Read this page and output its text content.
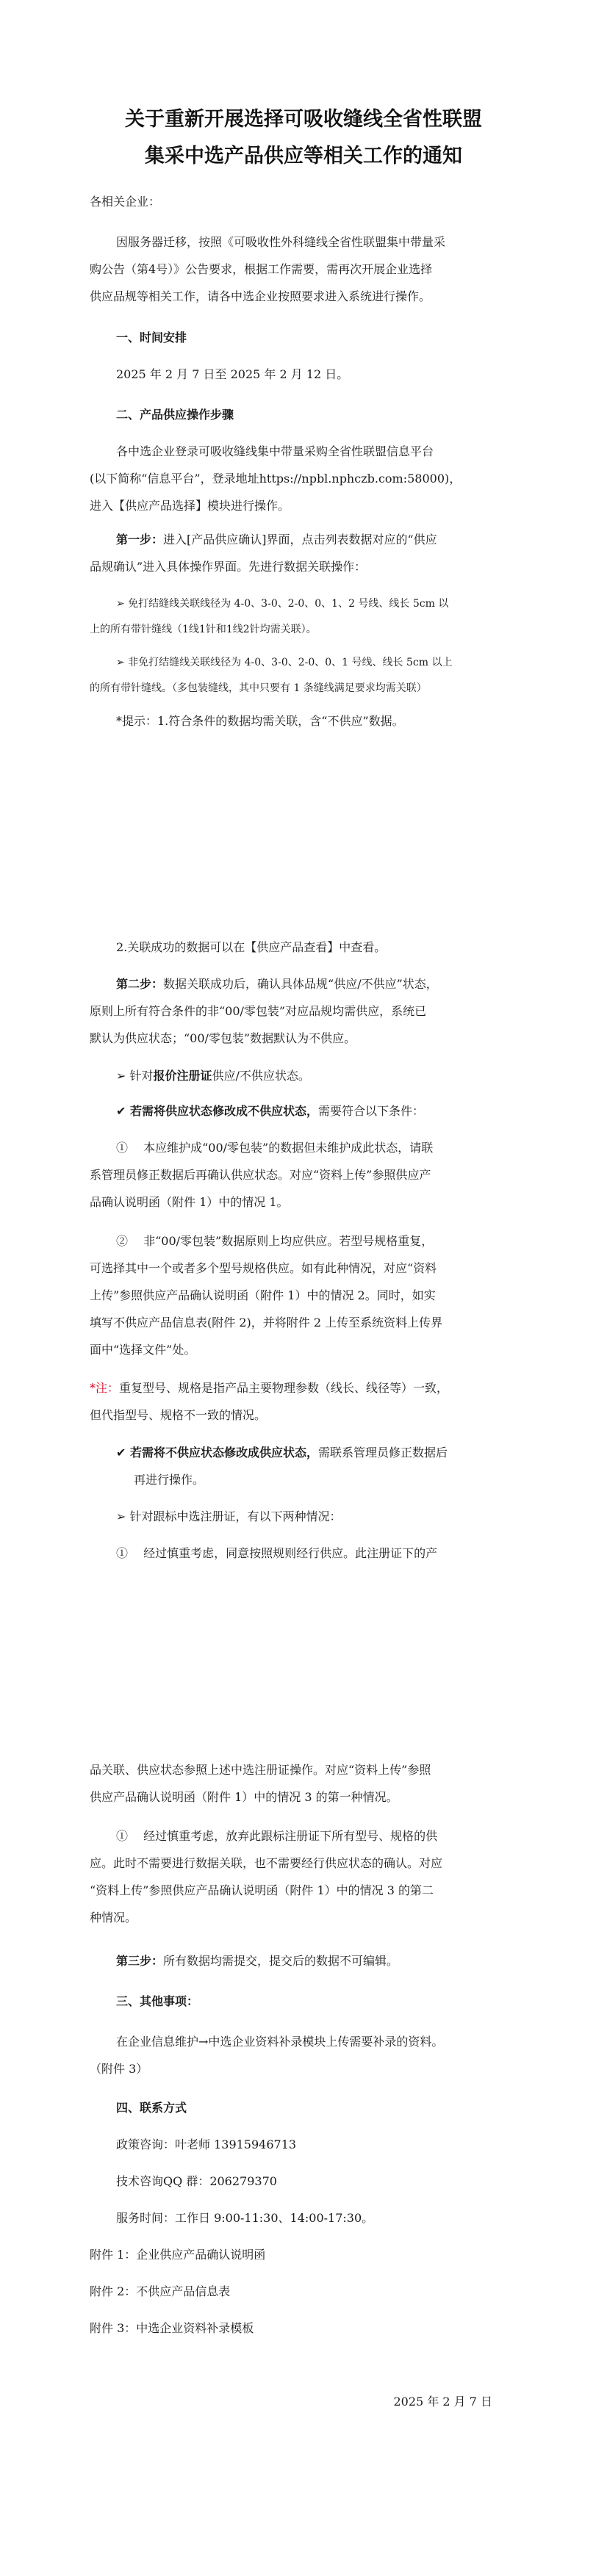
关于重新开展选择可吸收缝线全省性联盟
集采中选产品供应等相关工作的通知
各相关企业：
因服务器迁移，按照《可吸收性外科缝线全省性联盟集中带量采
购公告（第4号）》公告要求，根据工作需要，需再次开展企业选择
供应品规等相关工作，请各中选企业按照要求进入系统进行操作。
一、时间安排
2025 年 2 月 7 日至 2025 年 2 月 12 日。
二、产品供应操作步骤
各中选企业登录可吸收缝线集中带量采购全省性联盟信息平台
(以下简称“信息平台”，登录地址https://npbl.nphczb.com:58000)，
进入【供应产品选择】模块进行操作。
第一步：进入[产品供应确认]界面，点击列表数据对应的“供应
品规确认”进入具体操作界面。先进行数据关联操作：
➢ 免打结缝线关联线径为 4-0、3-0、2-0、0、1、2 号线、线长 5cm 以
上的所有带针缝线（1线1针和1线2针均需关联）。
➢ 非免打结缝线关联线径为 4-0、3-0、2-0、0、1 号线、线长 5cm 以上
的所有带针缝线。（多包装缝线，其中只要有 1 条缝线满足要求均需关联）
*提示：1.符合条件的数据均需关联，含“不供应”数据。
2.关联成功的数据可以在【供应产品查看】中查看。
第二步：数据关联成功后，确认具体品规“供应/不供应”状态，
原则上所有符合条件的非“00/零包装”对应品规均需供应，系统已
默认为供应状态；“00/零包装”数据默认为不供应。
➢ 针对报价注册证供应/不供应状态。
✔ 若需将供应状态修改成不供应状态，需要符合以下条件：
①　 本应维护成“00/零包装”的数据但未维护成此状态，请联
系管理员修正数据后再确认供应状态。对应“资料上传”参照供应产
品确认说明函（附件 1）中的情况 1。
②　 非“00/零包装”数据原则上均应供应。若型号规格重复，
可选择其中一个或者多个型号规格供应。如有此种情况，对应“资料
上传”参照供应产品确认说明函（附件 1）中的情况 2。同时，如实
填写不供应产品信息表(附件 2)，并将附件 2 上传至系统资料上传界
面中“选择文件”处。
*注：重复型号、规格是指产品主要物理参数（线长、线径等）一致，
但代指型号、规格不一致的情况。
✔ 若需将不供应状态修改成供应状态，需联系管理员修正数据后
再进行操作。
➢ 针对跟标中选注册证，有以下两种情况：
①　 经过慎重考虑，同意按照规则经行供应。此注册证下的产
品关联、供应状态参照上述中选注册证操作。对应“资料上传”参照
供应产品确认说明函（附件 1）中的情况 3 的第一种情况。
①　 经过慎重考虑，放弃此跟标注册证下所有型号、规格的供
应。此时不需要进行数据关联，也不需要经行供应状态的确认。对应
“资料上传”参照供应产品确认说明函（附件 1）中的情况 3 的第二
种情况。
第三步：所有数据均需提交，提交后的数据不可编辑。
三、其他事项：
在企业信息维护→中选企业资料补录模块上传需要补录的资料。
（附件 3）
四、联系方式
政策咨询：叶老师 13915946713
技术咨询QQ 群：206279370
服务时间：工作日 9:00-11:30、14:00-17:30。
附件 1：企业供应产品确认说明函
附件 2：不供应产品信息表
附件 3：中选企业资料补录模板
2025 年 2 月 7 日
